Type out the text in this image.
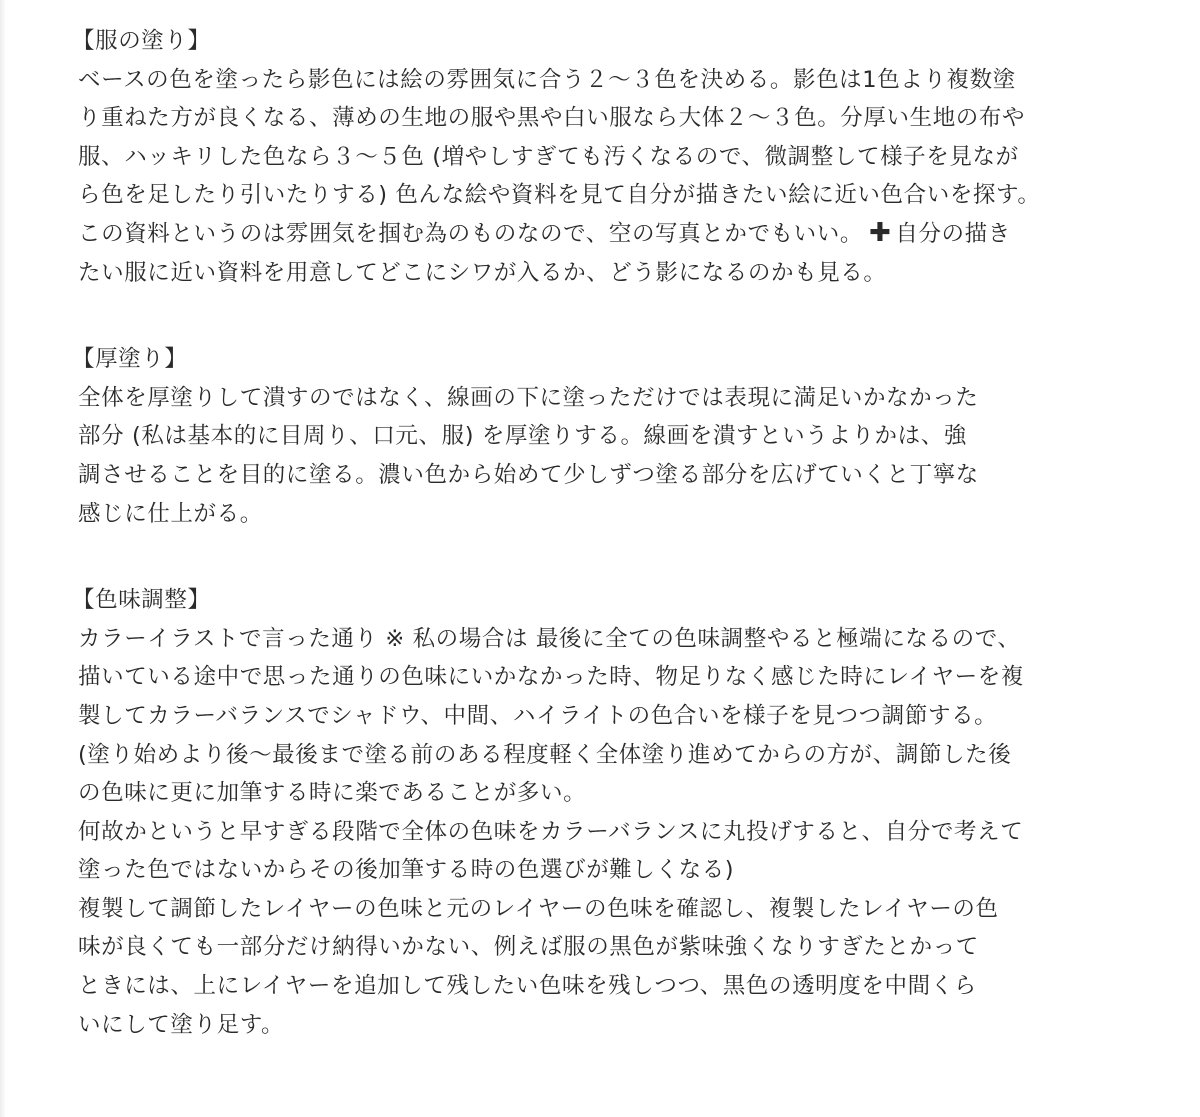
【服の塗り】
ベースの色を塗ったら影色には絵の雰囲気に合う２〜３色を決める。影色は1色より複数塗
り重ねた方が良くなる、薄めの生地の服や黒や白い服なら大体２〜３色。分厚い生地の布や
服、ハッキリした色なら３〜５色 (増やしすぎても汚くなるので、微調整して様子を見なが
ら色を足したり引いたりする) 色んな絵や資料を見て自分が描きたい絵に近い色合いを探す。
この資料というのは雰囲気を掴む為のものなので、空の写真とかでもいい。 ✚ 自分の描き
たい服に近い資料を用意してどこにシワが入るか、どう影になるのかも見る。
【厚塗り】
全体を厚塗りして潰すのではなく、線画の下に塗っただけでは表現に満足いかなかった
部分 (私は基本的に目周り、口元、服) を厚塗りする。線画を潰すというよりかは、強
調させることを目的に塗る。濃い色から始めて少しずつ塗る部分を広げていくと丁寧な
感じに仕上がる。
【色味調整】
カラーイラストで言った通り ※ 私の場合は 最後に全ての色味調整やると極端になるので、
描いている途中で思った通りの色味にいかなかった時、物足りなく感じた時にレイヤーを複
製してカラーバランスでシャドウ、中間、ハイライトの色合いを様子を見つつ調節する。
(塗り始めより後〜最後まで塗る前のある程度軽く全体塗り進めてからの方が、調節した後
の色味に更に加筆する時に楽であることが多い。
何故かというと早すぎる段階で全体の色味をカラーバランスに丸投げすると、自分で考えて
塗った色ではないからその後加筆する時の色選びが難しくなる)
複製して調節したレイヤーの色味と元のレイヤーの色味を確認し、複製したレイヤーの色
味が良くても一部分だけ納得いかない、例えば服の黒色が紫味強くなりすぎたとかって
ときには、上にレイヤーを追加して残したい色味を残しつつ、黒色の透明度を中間くら
いにして塗り足す。
